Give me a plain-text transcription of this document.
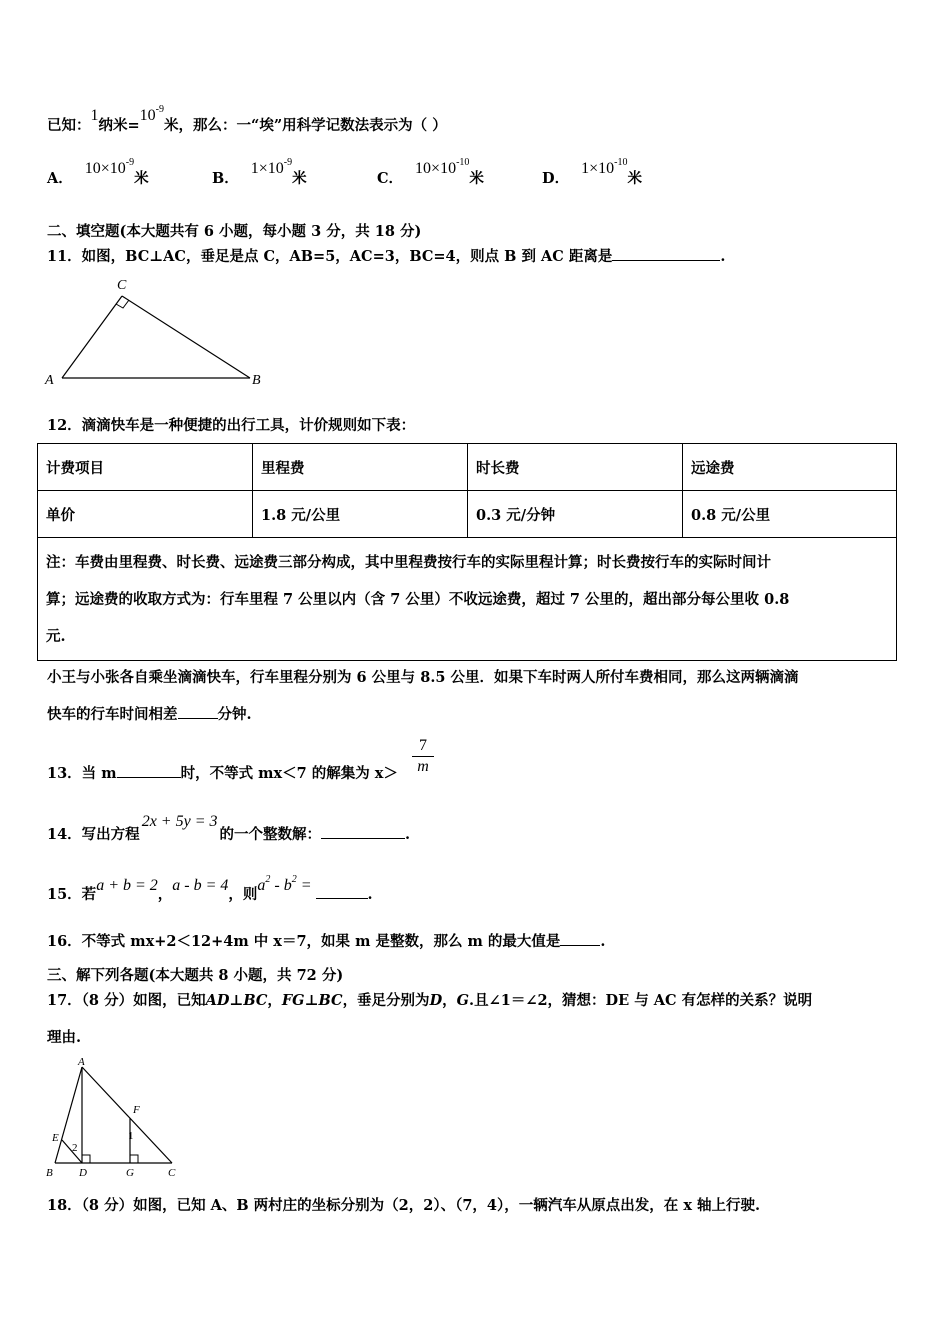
已知：1纳米$=10^{-9}$米，那么：一“埃”用科学记数法表示为（ ）
A．$10\times 10^{-9}$米	B．$1\times 10^{-9}$米	C．$10\times 10^{-10}$米	D．$1\times 10^{-10}$米
二、填空题(本大题共有 6 小题，每小题 3 分，共 18 分)
11．如图，BC⊥AC，垂足是点 C，AB=5，AC=3，BC=4，则点 B 到 AC 距离是	.
C
A	B
12．滴滴快车是一种便捷的出行工具，计价规则如下表：
计费项目	里程费	时长费	远途费
单价	1.8 元/公里	0.3 元/分钟	0.8 元/公里

注：车费由里程费、时长费、远途费三部分构成，其中里程费按行车的实际里程计算；时长费按行车的实际时间计
算；远途费的收取方式为：行车里程 7 公里以内（含 7 公里）不收远途费，超过 7 公里的，超出部分每公里收 0.8
元.			
小王与小张各自乘坐滴滴快车，行车里程分别为 6 公里与 8.5 公里．如果下车时两人所付车费相同，那么这两辆滴滴
快车的行车时间相差	分钟.
13．当 m	时，不等式 mx＜7 的解集为 $x> \frac{7}{m}$
14．写出方程2x + 5y = 3的一个整数解：	.
15．若a + b = 2，a - b = 4，则$a^2 - b^2$ =.
16．不等式 mx+2＜12+4m 中 x＝7，如果 m 是整数，那么 m 的最大值是	.
三、解下列各题(本大题共 8 小题，共 72 分)
17．（8 分）如图，已知AD⊥BC，FG⊥BC，垂足分别为D，G.且∠1＝∠2，猜想：DE 与 AC 有怎样的关系？说明
理由.
A
E
F
B D	G	C
1
2
18．（8 分）如图，已知 A、B 两村庄的坐标分别为（2，2）、（7，4），一辆汽车从原点出发，在 x 轴上行驶.
